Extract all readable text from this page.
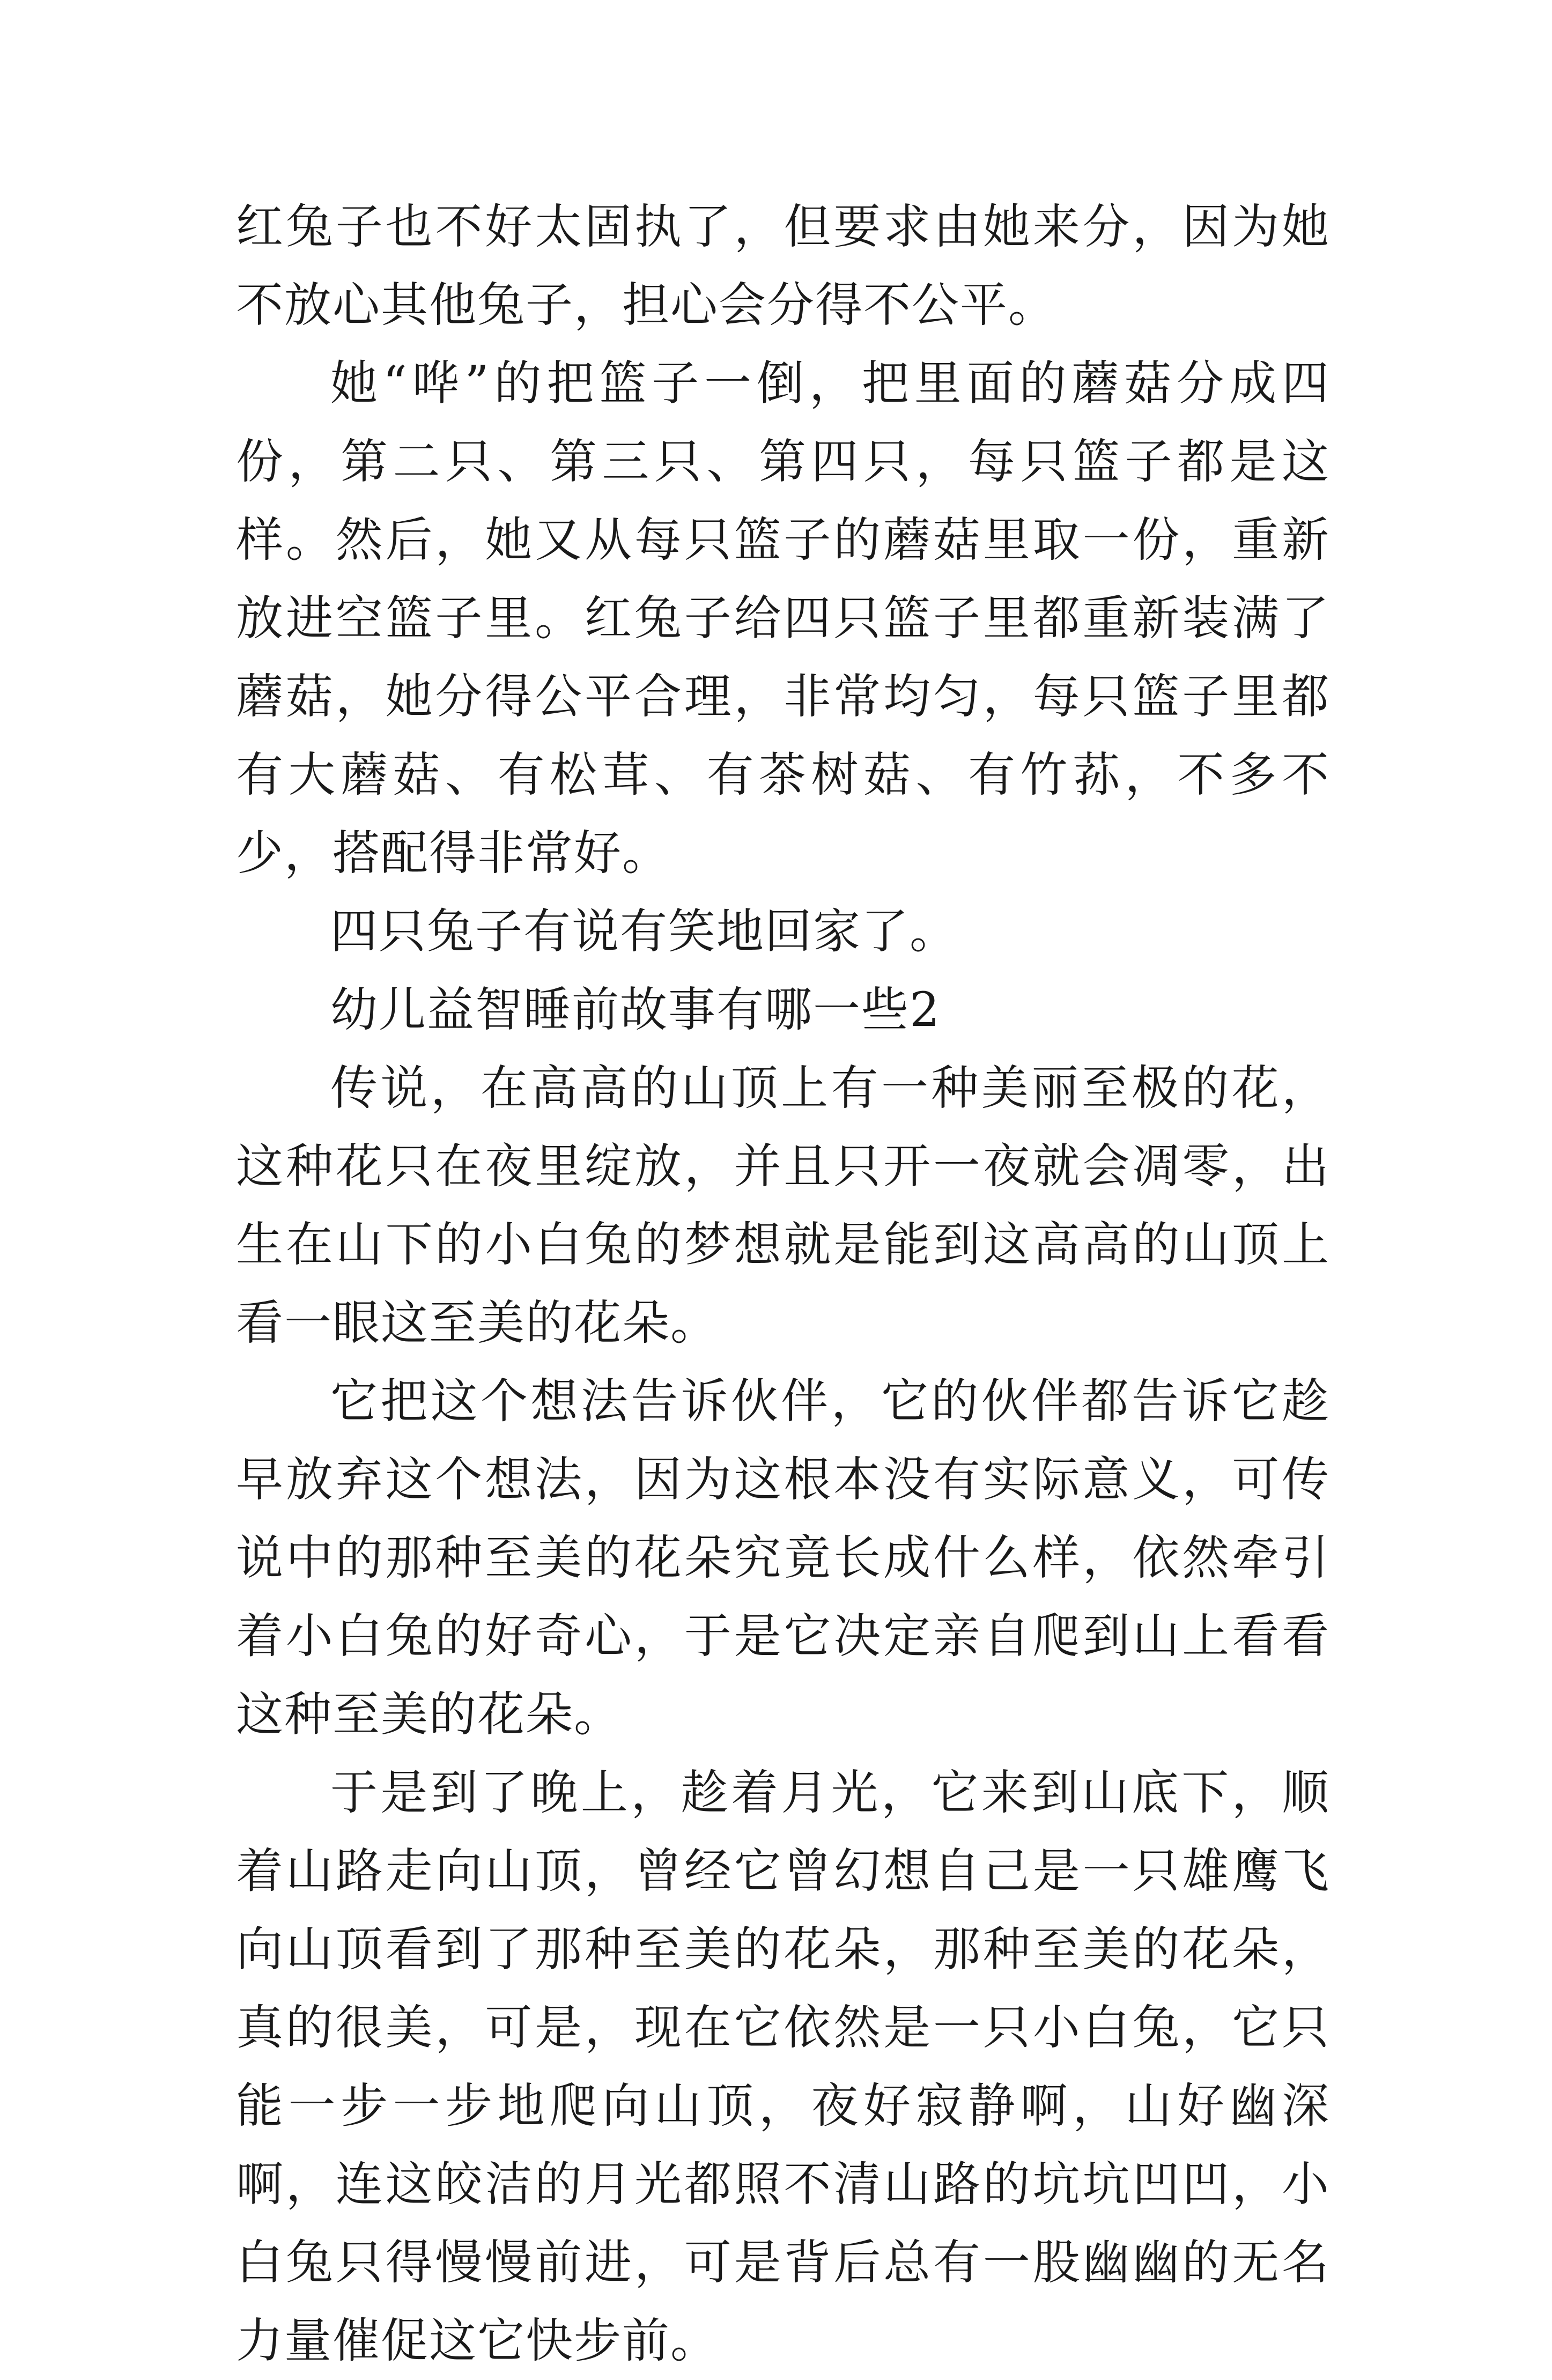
红兔子也不好太固执了，但要求由她来分，因为她不放心其他兔子，担心会分得不公平。

她“哗”的把篮子一倒，把里面的蘑菇分成四份，第二只、第三只、第四只，每只篮子都是这样。然后，她又从每只篮子的蘑菇里取一份，重新放进空篮子里。红兔子给四只篮子里都重新装满了蘑菇，她分得公平合理，非常均匀，每只篮子里都有大蘑菇、有松茸、有茶树菇、有竹荪，不多不少，搭配得非常好。

四只兔子有说有笑地回家了。

幼儿益智睡前故事有哪一些2

传说，在高高的山顶上有一种美丽至极的花，这种花只在夜里绽放，并且只开一夜就会凋零，出生在山下的小白兔的梦想就是能到这高高的山顶上看一眼这至美的花朵。

它把这个想法告诉伙伴，它的伙伴都告诉它趁早放弃这个想法，因为这根本没有实际意义，可传说中的那种至美的花朵究竟长成什么样，依然牵引着小白兔的好奇心，于是它决定亲自爬到山上看看这种至美的花朵。

于是到了晚上，趁着月光，它来到山底下，顺着山路走向山顶，曾经它曾幻想自己是一只雄鹰飞向山顶看到了那种至美的花朵，那种至美的花朵，真的很美，可是，现在它依然是一只小白兔，它只能一步一步地爬向山顶，夜好寂静啊，山好幽深啊，连这皎洁的月光都照不清山路的坑坑凹凹，小白兔只得慢慢前进，可是背后总有一股幽幽的无名力量催促这它快步前。
